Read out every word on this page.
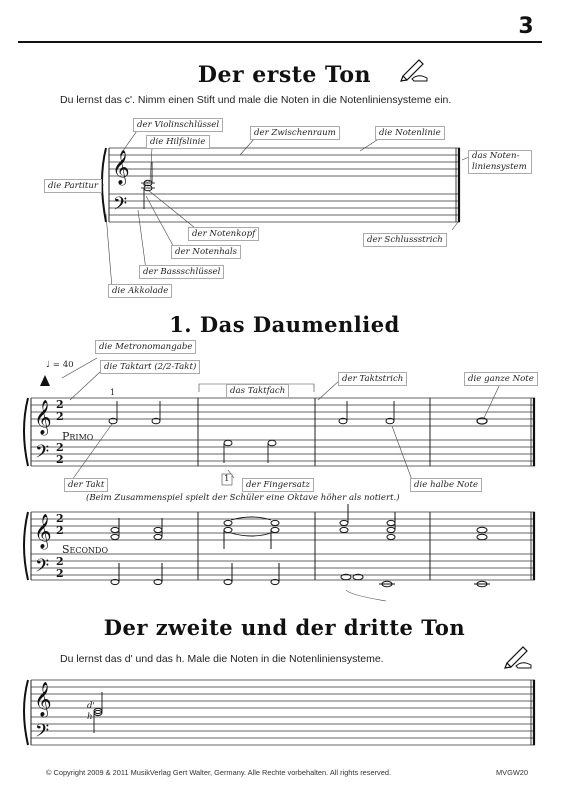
3
Der erste Ton
Du lernst das c'. Nimm einen Stift und male die Noten in die Notenliniensysteme ein.
𝄞
𝄢
𝄞
𝄢
2
2
2
2
1
𝄞
𝄢
2
2
2
2
𝄞
𝄢
der Violinschlüssel
die Hilfslinie
der Zwischenraum	die Notenlinie
das Noten-
liniensystem
die Partitur	c'
der Notenkopf
der Notenhals
der Schlussstrich
der Bassschlüssel
die Akkolade
1. Das Daumenlied
♩ = 40
die Metronomangabe
die Taktart (2/2-Takt)
das Taktfach
der Taktstrich	die ganze Note
Primo
der Takt
1
der Fingersatz	die halbe Note
(Beim Zusammenspiel spielt der Schüler eine Oktave höher als notiert.)
Secondo
Der zweite und der dritte Ton
Du lernst das d' und das h. Male die Noten in die Notenliniensysteme.
d'
h
© Copyright 2009 & 2011 MusikVerlag Gert Walter, Germany. Alle Rechte vorbehalten. All rights reserved.	MVGW20
